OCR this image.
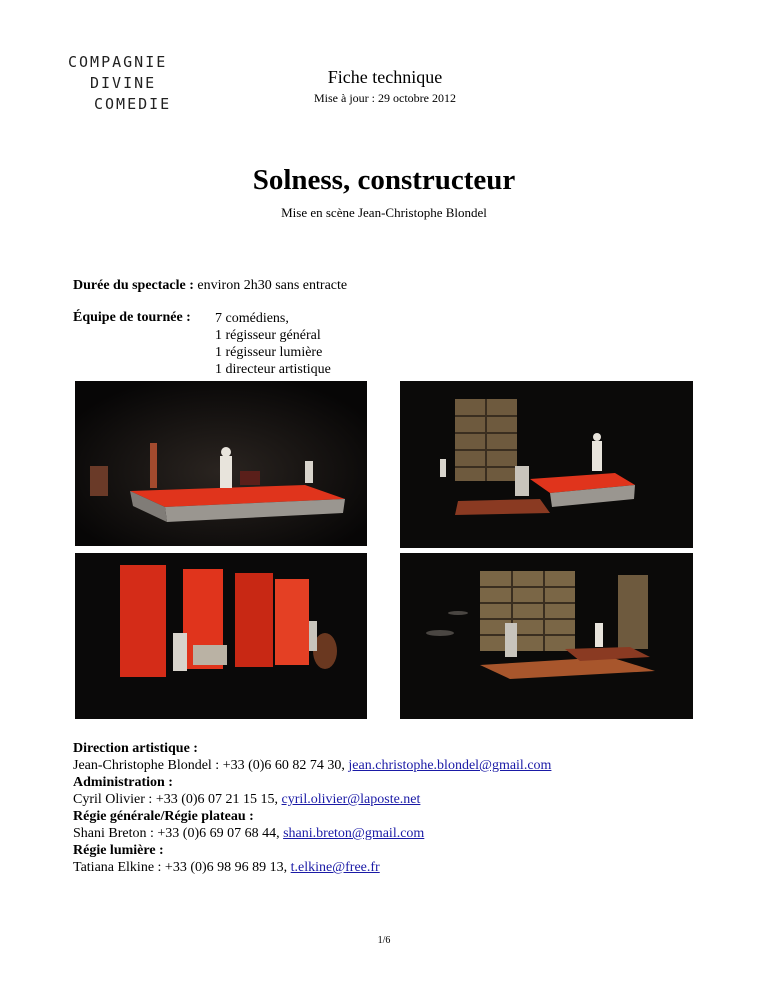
COMPAGNIE
DIVINE
COMEDIE
Fiche technique
Mise à jour : 29 octobre 2012
Solness, constructeur
Mise en scène Jean-Christophe Blondel
Durée du spectacle : environ 2h30 sans entracte
Équipe de tournée : 7 comédiens,
1 régisseur général
1 régisseur lumière
1 directeur artistique
Direction artistique :
Jean-Christophe Blondel : +33 (0)6 60 82 74 30, jean.christophe.blondel@gmail.com
Administration :
Cyril Olivier : +33 (0)6 07 21 15 15, cyril.olivier@laposte.net
Régie générale/Régie plateau :
Shani Breton : +33 (0)6 69 07 68 44, shani.breton@gmail.com
Régie lumière :
Tatiana Elkine : +33 (0)6 98 96 89 13, t.elkine@free.fr
1/6
